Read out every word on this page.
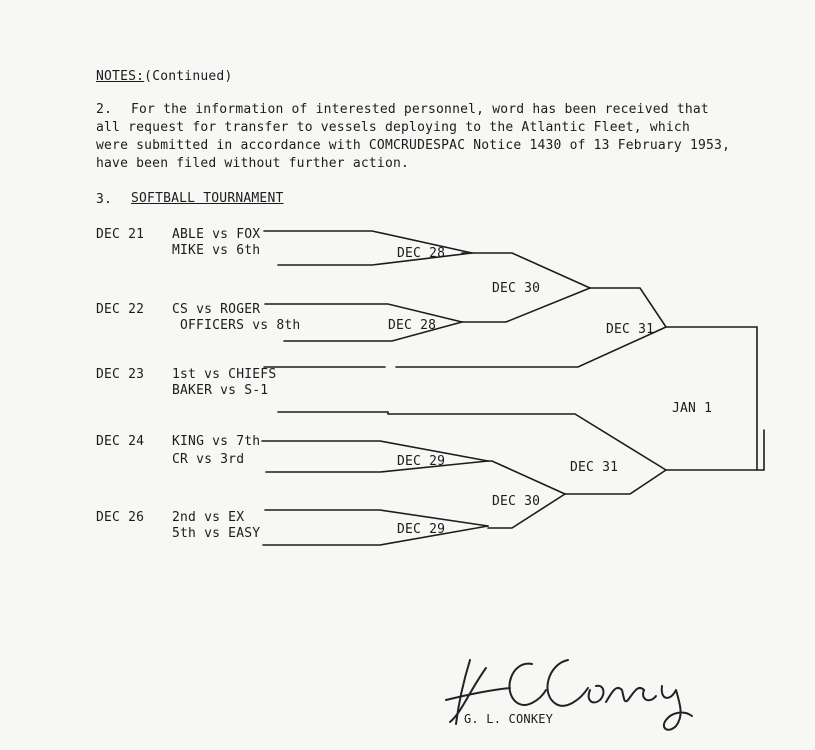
NOTES:(Continued)
2. For the information of interested personnel, word has been received that
all request for transfer to vessels deploying to the Atlantic Fleet, which
were submitted in accordance with COMCRUDESPAC Notice 1430 of 13 February 1953,
have been filed without further action.
3. SOFTBALL TOURNAMENT
DEC 21 ABLE vs FOX
MIKE vs 6th
DEC 22 CS vs ROGER
OFFICERS vs 8th
DEC 23 1st vs CHIEFS
BAKER vs S-1
DEC 24 KING vs 7th
CR vs 3rd
DEC 26 2nd vs EX
5th vs EASY
DEC 28
DEC 28
DEC 29
DEC 29
DEC 30
DEC 30
DEC 31
DEC 31
JAN 1
G. L. CONKEY
